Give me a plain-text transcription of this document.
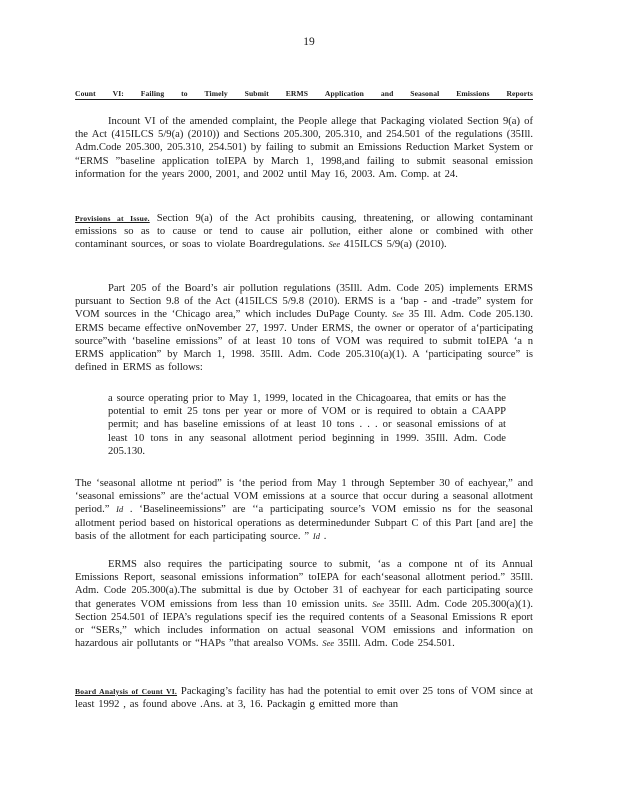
19
Count VI: Failing to Timely Submit ERMS Application and Seasonal Emissions Reports
Incount VI of the amended complaint, the People allege that Packaging violated Section 9(a) of the Act (415ILCS 5/9(a) (2010)) and Sections 205.300, 205.310, and 254.501 of the regulations (35Ill. Adm.Code 205.300, 205.310, 254.501) by failing to submit an Emissions Reduction Market System or “ERMS ”baseline application toIEPA by March 1, 1998,and failing to submit seasonal emission information for the years 2000, 2001, and 2002 until May 16, 2003. Am. Comp. at 24.
Provisions at Issue. Section 9(a) of the Act prohibits causing, threatening, or allowing contaminant emissions so as to cause or tend to cause air pollution, either alone or combined with other contaminant sources, or soas to violate Boardregulations. See 415ILCS 5/9(a) (2010).
Part 205 of the Board’s air pollution regulations (35Ill. Adm. Code 205) implements ERMS pursuant to Section 9.8 of the Act (415ILCS 5/9.8 (2010). ERMS is a ‘bap - and -trade” system for VOM sources in the ‘Chicago area,” which includes DuPage County. See 35 Ill. Adm. Code 205.130. ERMS became effective onNovember 27, 1997. Under ERMS, the owner or operator of a‘participating source”with ‘baseline emissions” of at least 10 tons of VOM was required to submit toIEPA ‘a n ERMS application” by March 1, 1998. 35Ill. Adm. Code 205.310(a)(1). A ‘participating source” is defined in ERMS as follows:
a source operating prior to May 1, 1999, located in the Chicagoarea, that emits or has the potential to emit 25 tons per year or more of VOM or is required to obtain a CAAPP permit; and has baseline emissions of at least 10 tons . . . or seasonal emissions of at least 10 tons in any seasonal allotment period beginning in 1999. 35Ill. Adm. Code 205.130.
The ‘seasonal allotme nt period” is ‘the period from May 1 through September 30 of eachyear,” and ‘seasonal emissions” are the‘actual VOM emissions at a source that occur during a seasonal allotment period.” Id . ‘Baselineemissions” are ‘‘a participating source’s VOM emissio ns for the seasonal allotment period based on historical operations as determinedunder Subpart C of this Part [and are] the basis of the allotment for each participating source. ” Id .
ERMS also requires the participating source to submit, ‘as a compone nt of its Annual Emissions Report, seasonal emissions information” toIEPA for each‘seasonal allotment period.” 35Ill. Adm. Code 205.300(a).The submittal is due by October 31 of eachyear for each participating source that generates VOM emissions from less than 10 emission units. See 35Ill. Adm. Code 205.300(a)(1). Section 254.501 of IEPA’s regulations specif ies the required contents of a Seasonal Emissions R eport or “SERs,” which includes information on actual seasonal VOM emissions and information on hazardous air pollutants or “HAPs ”that arealso VOMs. See 35Ill. Adm. Code 254.501.
Board Analysis of Count VI. Packaging’s facility has had the potential to emit over 25 tons of VOM since at least 1992 , as found above .Ans. at 3, 16. Packagin g emitted more than
